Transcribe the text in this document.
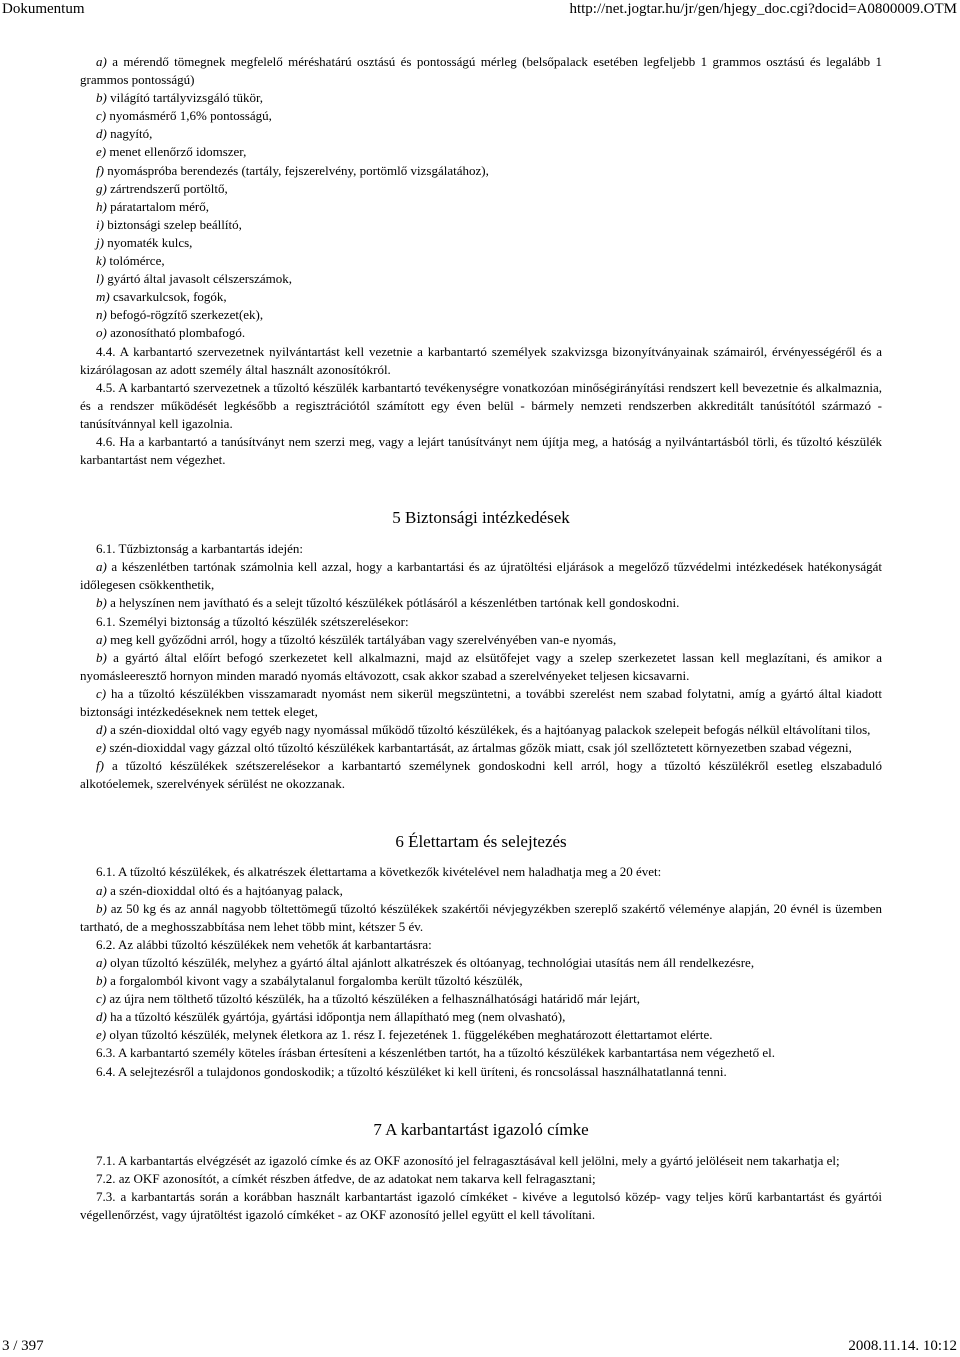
Dokumentum	http://net.jogtar.hu/jr/gen/hjegy_doc.cgi?docid=A0800009.OTM

a) a mérendő tömegnek megfelelő méréshatárú osztású és pontosságú mérleg (belsőpalack esetében legfeljebb 1 grammos osztású és legalább 1 grammos pontosságú)

b) világító tartályvizsgáló tükör,

c) nyomásmérő 1,6% pontosságú,

d) nagyító,

e) menet ellenőrző idomszer,

f) nyomáspróba berendezés (tartály, fejszerelvény, portömlő vizsgálatához),

g) zártrendszerű portöltő,

h) páratartalom mérő,

i) biztonsági szelep beállító,

j) nyomaték kulcs,

k) tolómérce,

l) gyártó által javasolt célszerszámok,

m) csavarkulcsok, fogók,

n) befogó-rögzítő szerkezet(ek),

o) azonosítható plombafogó.

4.4. A karbantartó szervezetnek nyilvántartást kell vezetnie a karbantartó személyek szakvizsga bizonyítványainak számairól, érvényességéről és a kizárólagosan az adott személy által használt azonosítókról.

4.5. A karbantartó szervezetnek a tűzoltó készülék karbantartó tevékenységre vonatkozóan minőségirányítási rendszert kell bevezetnie és alkalmaznia, és a rendszer működését legkésőbb a regisztrációtól számított egy éven belül - bármely nemzeti rendszerben akkreditált tanúsítótól származó - tanúsítvánnyal kell igazolnia.

4.6. Ha a karbantartó a tanúsítványt nem szerzi meg, vagy a lejárt tanúsítványt nem újítja meg, a hatóság a nyilvántartásból törli, és tűzoltó készülék karbantartást nem végezhet.

5 Biztonsági intézkedések

6.1. Tűzbiztonság a karbantartás idején:

a) a készenlétben tartónak számolnia kell azzal, hogy a karbantartási és az újratöltési eljárások a megelőző tűzvédelmi intézkedések hatékonyságát időlegesen csökkenthetik,

b) a helyszínen nem javítható és a selejt tűzoltó készülékek pótlásáról a készenlétben tartónak kell gondoskodni.

6.1. Személyi biztonság a tűzoltó készülék szétszerelésekor:

a) meg kell győződni arról, hogy a tűzoltó készülék tartályában vagy szerelvényében van-e nyomás,

b) a gyártó által előírt befogó szerkezetet kell alkalmazni, majd az elsütőfejet vagy a szelep szerkezetet lassan kell meglazítani, és amikor a nyomásleeresztő hornyon minden maradó nyomás eltávozott, csak akkor szabad a szerelvényeket teljesen kicsavarni.

c) ha a tűzoltó készülékben visszamaradt nyomást nem sikerül megszüntetni, a további szerelést nem szabad folytatni, amíg a gyártó által kiadott biztonsági intézkedéseknek nem tettek eleget,

d) a szén-dioxiddal oltó vagy egyéb nagy nyomással működő tűzoltó készülékek, és a hajtóanyag palackok szelepeit befogás nélkül eltávolítani tilos,

e) szén-dioxiddal vagy gázzal oltó tűzoltó készülékek karbantartását, az ártalmas gőzök miatt, csak jól szellőztetett környezetben szabad végezni,

f) a tűzoltó készülékek szétszerelésekor a karbantartó személynek gondoskodni kell arról, hogy a tűzoltó készülékről esetleg elszabaduló alkotóelemek, szerelvények sérülést ne okozzanak.

6 Élettartam és selejtezés

6.1. A tűzoltó készülékek, és alkatrészek élettartama a következők kivételével nem haladhatja meg a 20 évet:

a) a szén-dioxiddal oltó és a hajtóanyag palack,

b) az 50 kg és az annál nagyobb töltettömegű tűzoltó készülékek szakértői névjegyzékben szereplő szakértő véleménye alapján, 20 évnél is üzemben tartható, de a meghosszabbítása nem lehet több mint, kétszer 5 év.

6.2. Az alábbi tűzoltó készülékek nem vehetők át karbantartásra:

a) olyan tűzoltó készülék, melyhez a gyártó által ajánlott alkatrészek és oltóanyag, technológiai utasítás nem áll rendelkezésre,

b) a forgalomból kivont vagy a szabálytalanul forgalomba került tűzoltó készülék,

c) az újra nem tölthető tűzoltó készülék, ha a tűzoltó készüléken a felhasználhatósági határidő már lejárt,

d) ha a tűzoltó készülék gyártója, gyártási időpontja nem állapítható meg (nem olvasható),

e) olyan tűzoltó készülék, melynek életkora az 1. rész I. fejezetének 1. függelékében meghatározott élettartamot elérte.

6.3. A karbantartó személy köteles írásban értesíteni a készenlétben tartót, ha a tűzoltó készülékek karbantartása nem végezhető el.

6.4. A selejtezésről a tulajdonos gondoskodik; a tűzoltó készüléket ki kell üríteni, és roncsolással használhatatlanná tenni.

7 A karbantartást igazoló címke

7.1. A karbantartás elvégzését az igazoló címke és az OKF azonosító jel felragasztásával kell jelölni, mely a gyártó jelöléseit nem takarhatja el;

7.2. az OKF azonosítót, a címkét részben átfedve, de az adatokat nem takarva kell felragasztani;

7.3. a karbantartás során a korábban használt karbantartást igazoló címkéket - kivéve a legutolsó közép- vagy teljes körű karbantartást és gyártói végellenőrzést, vagy újratöltést igazoló címkéket - az OKF azonosító jellel együtt el kell távolítani.

3 / 397	2008.11.14. 10:12
